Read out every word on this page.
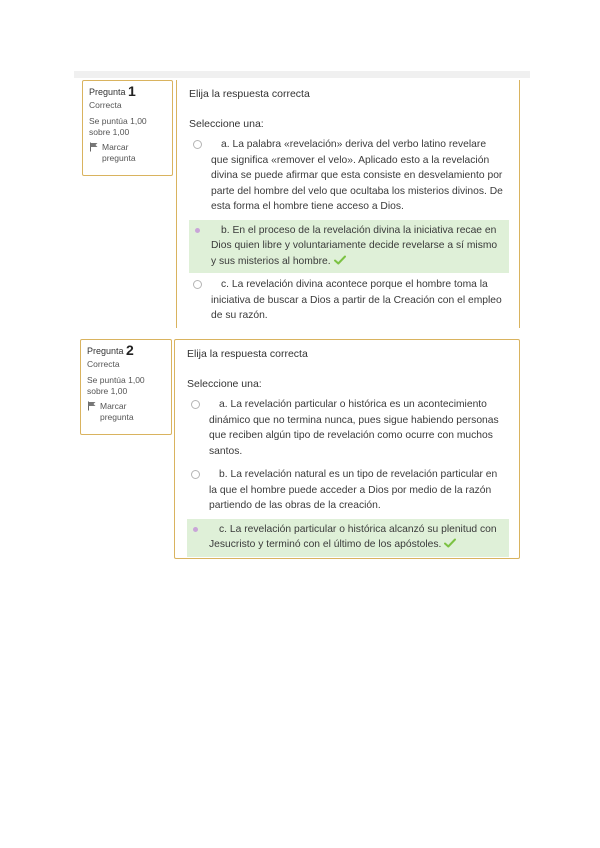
Pregunta 1
Correcta
Se puntúa 1,00
sobre 1,00
Marcar
pregunta
Elija la respuesta correcta
Seleccione una:
a. La palabra «revelación» deriva del verbo latino revelare que significa «remover el velo». Aplicado esto a la revelación divina se puede afirmar que esta consiste en desvelamiento por parte del hombre del velo que ocultaba los misterios divinos. De esta forma el hombre tiene acceso a Dios.
b. En el proceso de la revelación divina la iniciativa recae en Dios quien libre y voluntariamente decide revelarse a sí mismo y sus misterios al hombre.
c. La revelación divina acontece porque el hombre toma la iniciativa de buscar a Dios a partir de la Creación con el empleo de su razón.
Pregunta 2
Correcta
Se puntúa 1,00
sobre 1,00
Marcar
pregunta
Elija la respuesta correcta
Seleccione una:
a. La revelación particular o histórica es un acontecimiento dinámico que no termina nunca, pues sigue habiendo personas que reciben algún tipo de revelación como ocurre con muchos santos.
b. La revelación natural es un tipo de revelación particular en la que el hombre puede acceder a Dios por medio de la razón partiendo de las obras de la creación.
c. La revelación particular o histórica alcanzó su plenitud con Jesucristo y terminó con el último de los apóstoles.
